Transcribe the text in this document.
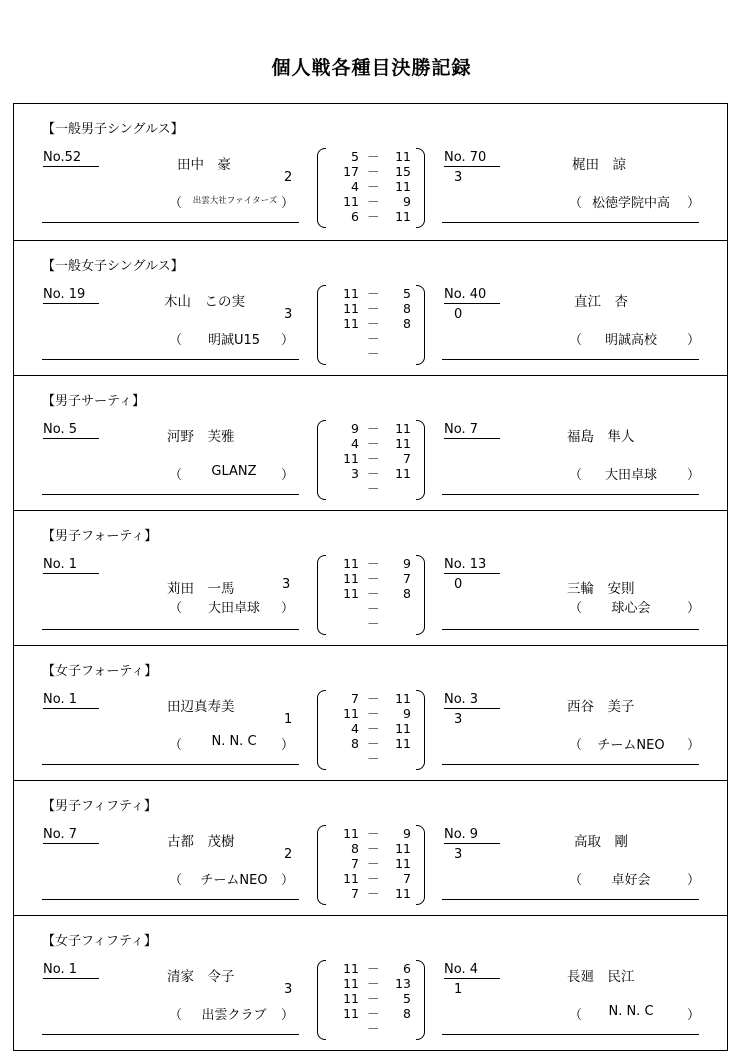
個人戦各種目決勝記録
【一般男子シングルス】
No.52	No. 70
田中　豪	梶田　諒
2	3
（	出雲大社ファイターズ ）	（ 松徳学院中高	）
5 － 11
17 － 15
4 － 11
11 － 9
6 － 11
【一般女子シングルス】
No. 19	No. 40
木山　この実	直江　杏
3	0
（	明誠U15	）	（	明誠高校	）
11 － 5
11 － 8
11 － 8
－
－
【男子サーティ】
No. 5	No. 7
河野　芙雅	福島　隼人
（	GLANZ	）	（	大田卓球	）
9 － 11
4 － 11
11 － 7
3 － 11
－
【男子フォーティ】
No. 1	No. 13
苅田　一馬	三輪　安則
3	0
（	大田卓球	）	（	球心会	）
11 － 9
11 － 7
11 － 8
－
－
【女子フォーティ】
No. 1	No. 3
田辺真寿美	西谷　美子
1	3
（	N. N. C	）	（	チームNEO	）
7 － 11
11 － 9
4 － 11
8 － 11
－
【男子フィフティ】
No. 7	No. 9
古都　茂樹	高取　剛
2	3
（	チームNEO	）	（	卓好会	）
11 － 9
8 － 11
7 － 11
11 － 7
7 － 11
【女子フィフティ】
No. 1	No. 4
清家　令子	長廻　民江
3	1
（	出雲クラブ	）	（	N. N. C	）
11 － 6
11 － 13
11 － 5
11 － 8
－
